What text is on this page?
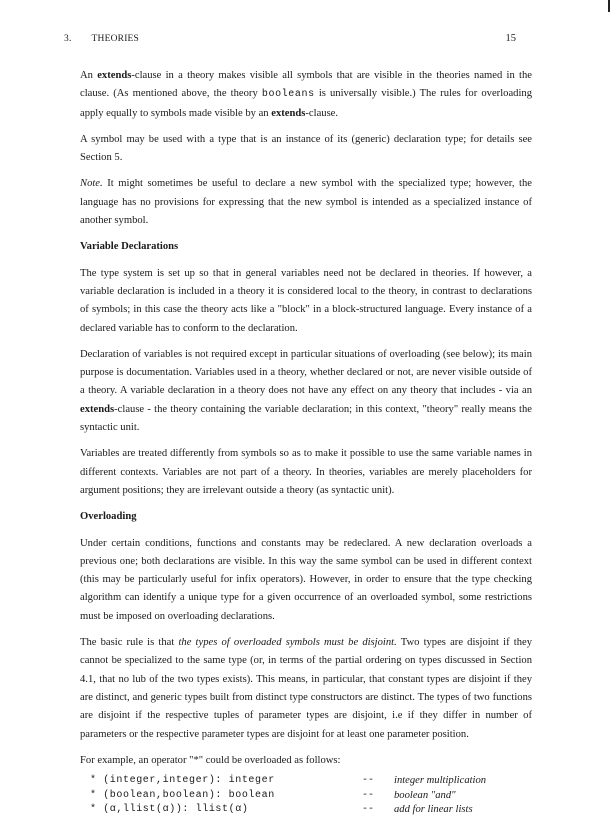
3. THEORIES	15

An extends-clause in a theory makes visible all symbols that are visible in the theories named in the clause. (As mentioned above, the theory booleans is universally visible.) The rules for overloading apply equally to symbols made visible by an extends-clause.

A symbol may be used with a type that is an instance of its (generic) declaration type; for details see Section 5.

Note. It might sometimes be useful to declare a new symbol with the specialized type; however, the language has no provisions for expressing that the new symbol is intended as a specialized instance of another symbol.

Variable Declarations

The type system is set up so that in general variables need not be declared in theories. If however, a variable declaration is included in a theory it is considered local to the theory, in contrast to declarations of symbols; in this case the theory acts like a "block" in a block-structured language. Every instance of a declared variable has to conform to the declaration.

Declaration of variables is not required except in particular situations of overloading (see below); its main purpose is documentation. Variables used in a theory, whether declared or not, are never visible outside of a theory. A variable declaration in a theory does not have any effect on any theory that includes - via an extends-clause - the theory containing the variable declaration; in this context, "theory" really means the syntactic unit.

Variables are treated differently from symbols so as to make it possible to use the same variable names in different contexts. Variables are not part of a theory. In theories, variables are merely placeholders for argument positions; they are irrelevant outside a theory (as syntactic unit).

Overloading

Under certain conditions, functions and constants may be redeclared. A new declaration overloads a previous one; both declarations are visible. In this way the same symbol can be used in different context (this may be particularly useful for infix operators). However, in order to ensure that the type checking algorithm can identify a unique type for a given occurrence of an overloaded symbol, some restrictions must be imposed on overloading declarations.

The basic rule is that the types of overloaded symbols must be disjoint. Two types are disjoint if they cannot be specialized to the same type (or, in terms of the partial ordering on types discussed in Section 4.1, that no lub of the two types exists). This means, in particular, that constant types are disjoint if they are distinct, and generic types built from distinct type constructors are distinct. The types of two functions are disjoint if the respective tuples of parameter types are disjoint, i.e if they differ in number of parameters or the respective parameter types are disjoint for at least one parameter position.

For example, an operator "*" could be overloaded as follows:

* (integer,integer): integer	--	integer multiplication
* (boolean,boolean): boolean	--	boolean "and"
* (α,llist(α)): llist(α)	--	add for linear lists
